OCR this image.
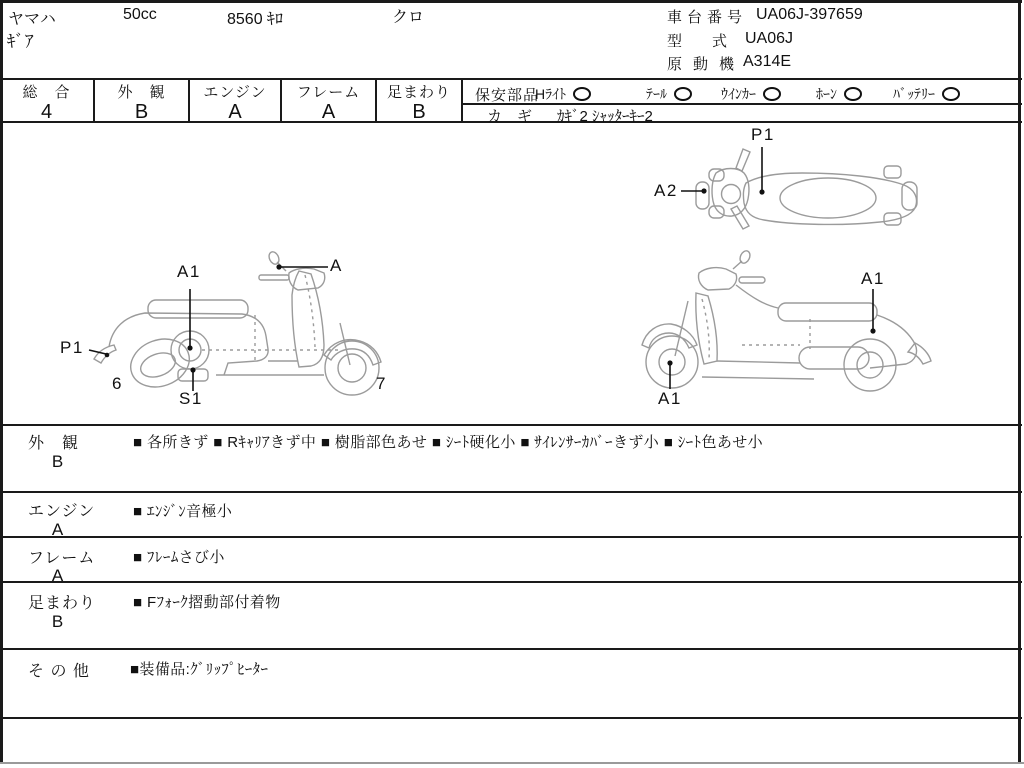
ヤマハ
ｷﾞｱ
50cc	8560 ｷﾛ	クロ	車台番号 UA06J-397659
型　　式 UA06J
原動機
A314E
総　合
4
外　観
B
エンジン
A
フレーム
A
足まわり
B
保安部品
Hﾗｲﾄ	ﾃｰﾙ	ｳｲﾝｶｰ	ﾎｰﾝ	ﾊﾞｯﾃﾘｰ
カ　ギ ｶｷﾞ2 ｼｬｯﾀｰｷｰ2
P1
A2
A1	A
P1
6
S1
7
A1
A1
外　観
B
■ 各所きず ■ Rｷｬﾘｱきず中 ■ 樹脂部色あせ ■ ｼｰﾄ硬化小 ■ ｻｲﾚﾝｻｰｶﾊﾞｰきず小 ■ ｼｰﾄ色あせ小
エンジン
A
■ ｴﾝｼﾞﾝ音極小
フレーム
A
■ ﾌﾚｰﾑさび小
足まわり
B
■ Fﾌｫｰｸ摺動部付着物
そ の 他	■装備品:ｸﾞﾘｯﾌﾟﾋｰﾀｰ
